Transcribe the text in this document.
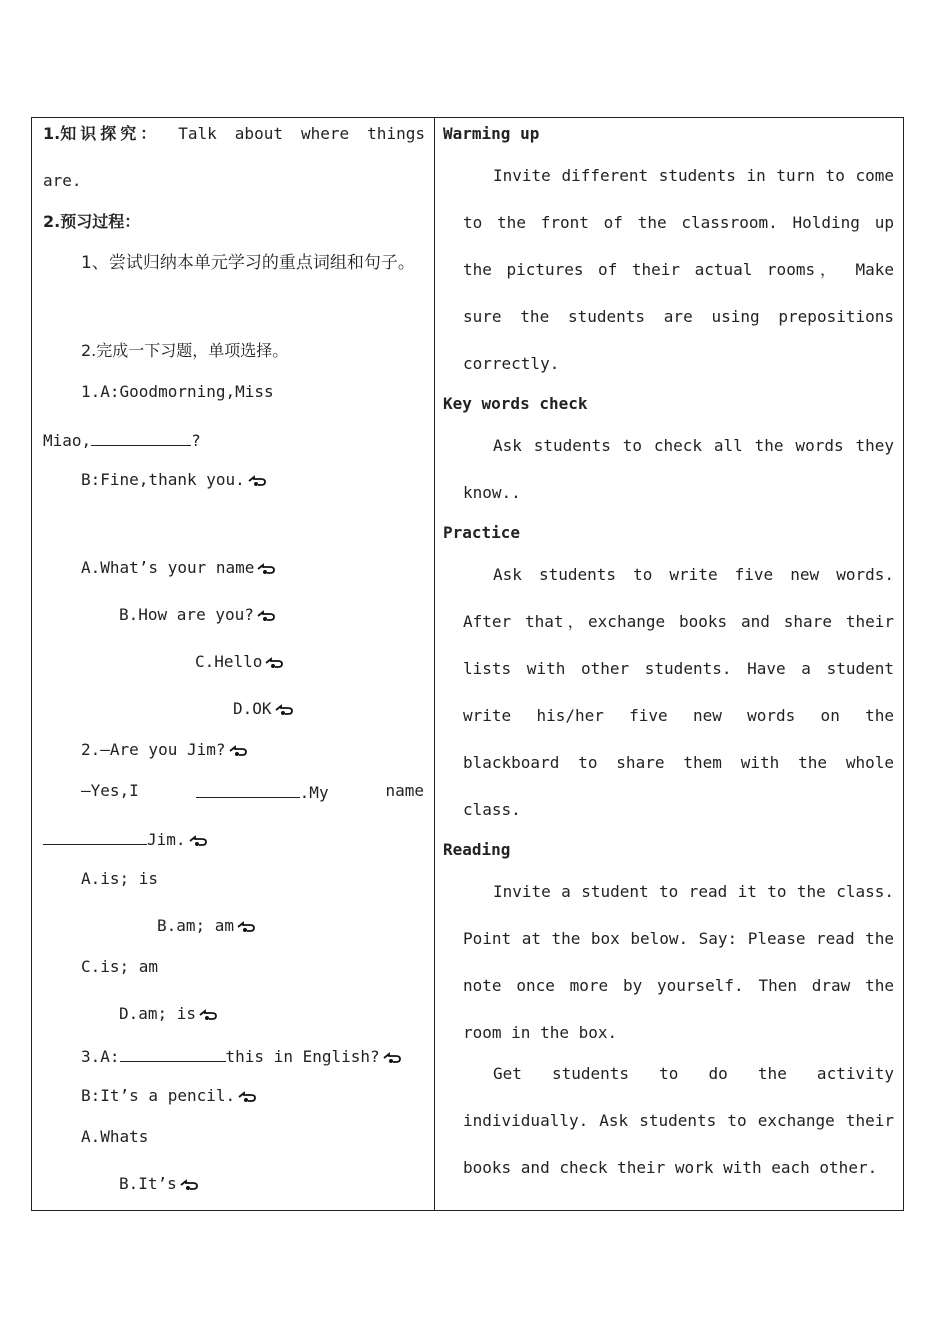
1.知识探究： Talk about where things
are.
2.预习过程：
1、尝试归纳本单元学习的重点词组和句子。
2.完成一下习题，单项选择。
1.A:Goodmorning,Miss
Miao,	?
B:Fine,thank you.
A.What’s your name
B.How are you?
C.Hello
D.OK
2.—Are you Jim?
—Yes,I	.My	name
Jim.
A.is; is
B.am; am
C.is; am
D.am; is
3.A:	this in English?
B:It’s a pencil.
A.Whats
B.It’s
Warming up
Invite different students in turn to come to the front of the classroom. Holding up the pictures of their actual rooms， Make sure the students are using prepositions correctly.
Key words check
Ask students to check all the words they know..
Practice
Ask students to write five new words. After that，exchange books and share their lists with other students. Have a student write his/her five new words on the blackboard to share them with the whole class.
Reading
Invite a student to read it to the class. Point at the box below. Say: Please read the note once more by yourself. Then draw the room in the box.
Get students to do the activity individually. Ask students to exchange their books and check their work with each other.
